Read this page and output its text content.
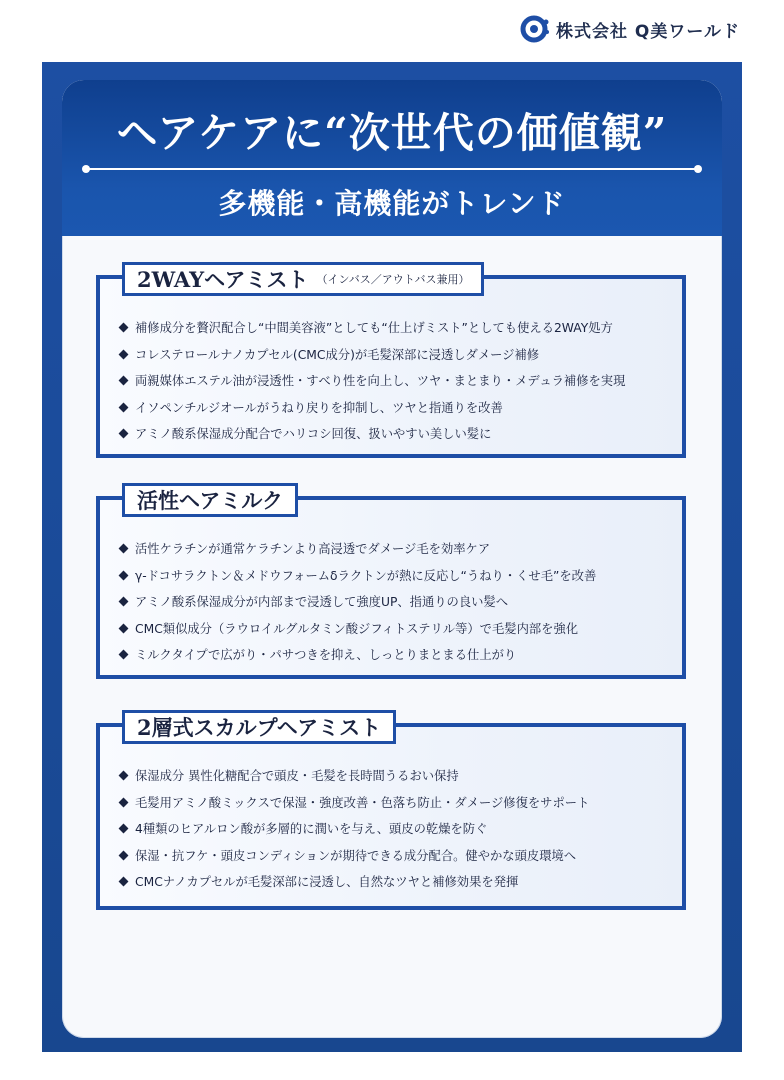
株式会社 Q美ワールド
ヘアケアに“次世代の価値観”
多機能・高機能がトレンド
補修成分を贅沢配合し“中間美容液”としても“仕上げミスト”としても使える2WAY処方
コレステロールナノカプセル(CMC成分)が毛髪深部に浸透しダメージ補修
両親媒体エステル油が浸透性・すべり性を向上し、ツヤ・まとまり・メデュラ補修を実現
イソペンチルジオールがうねり戻りを抑制し、ツヤと指通りを改善
アミノ酸系保湿成分配合でハリコシ回復、扱いやすい美しい髪に
2WAYヘアミスト （インバス／アウトバス兼用）
活性ケラチンが通常ケラチンより高浸透でダメージ毛を効率ケア
γ-ドコサラクトン＆メドウフォームδラクトンが熱に反応し“うねり・くせ毛”を改善
アミノ酸系保湿成分が内部まで浸透して強度UP、指通りの良い髪へ
CMC類似成分（ラウロイルグルタミン酸ジフィトステリル等）で毛髪内部を強化
ミルクタイプで広がり・パサつきを抑え、しっとりまとまる仕上がり
活性ヘアミルク
保湿成分 異性化糖配合で頭皮・毛髪を長時間うるおい保持
毛髪用アミノ酸ミックスで保湿・強度改善・色落ち防止・ダメージ修復をサポート
4種類のヒアルロン酸が多層的に潤いを与え、頭皮の乾燥を防ぐ
保湿・抗フケ・頭皮コンディションが期待できる成分配合。健やかな頭皮環境へ
CMCナノカプセルが毛髪深部に浸透し、自然なツヤと補修効果を発揮
2層式スカルプヘアミスト
